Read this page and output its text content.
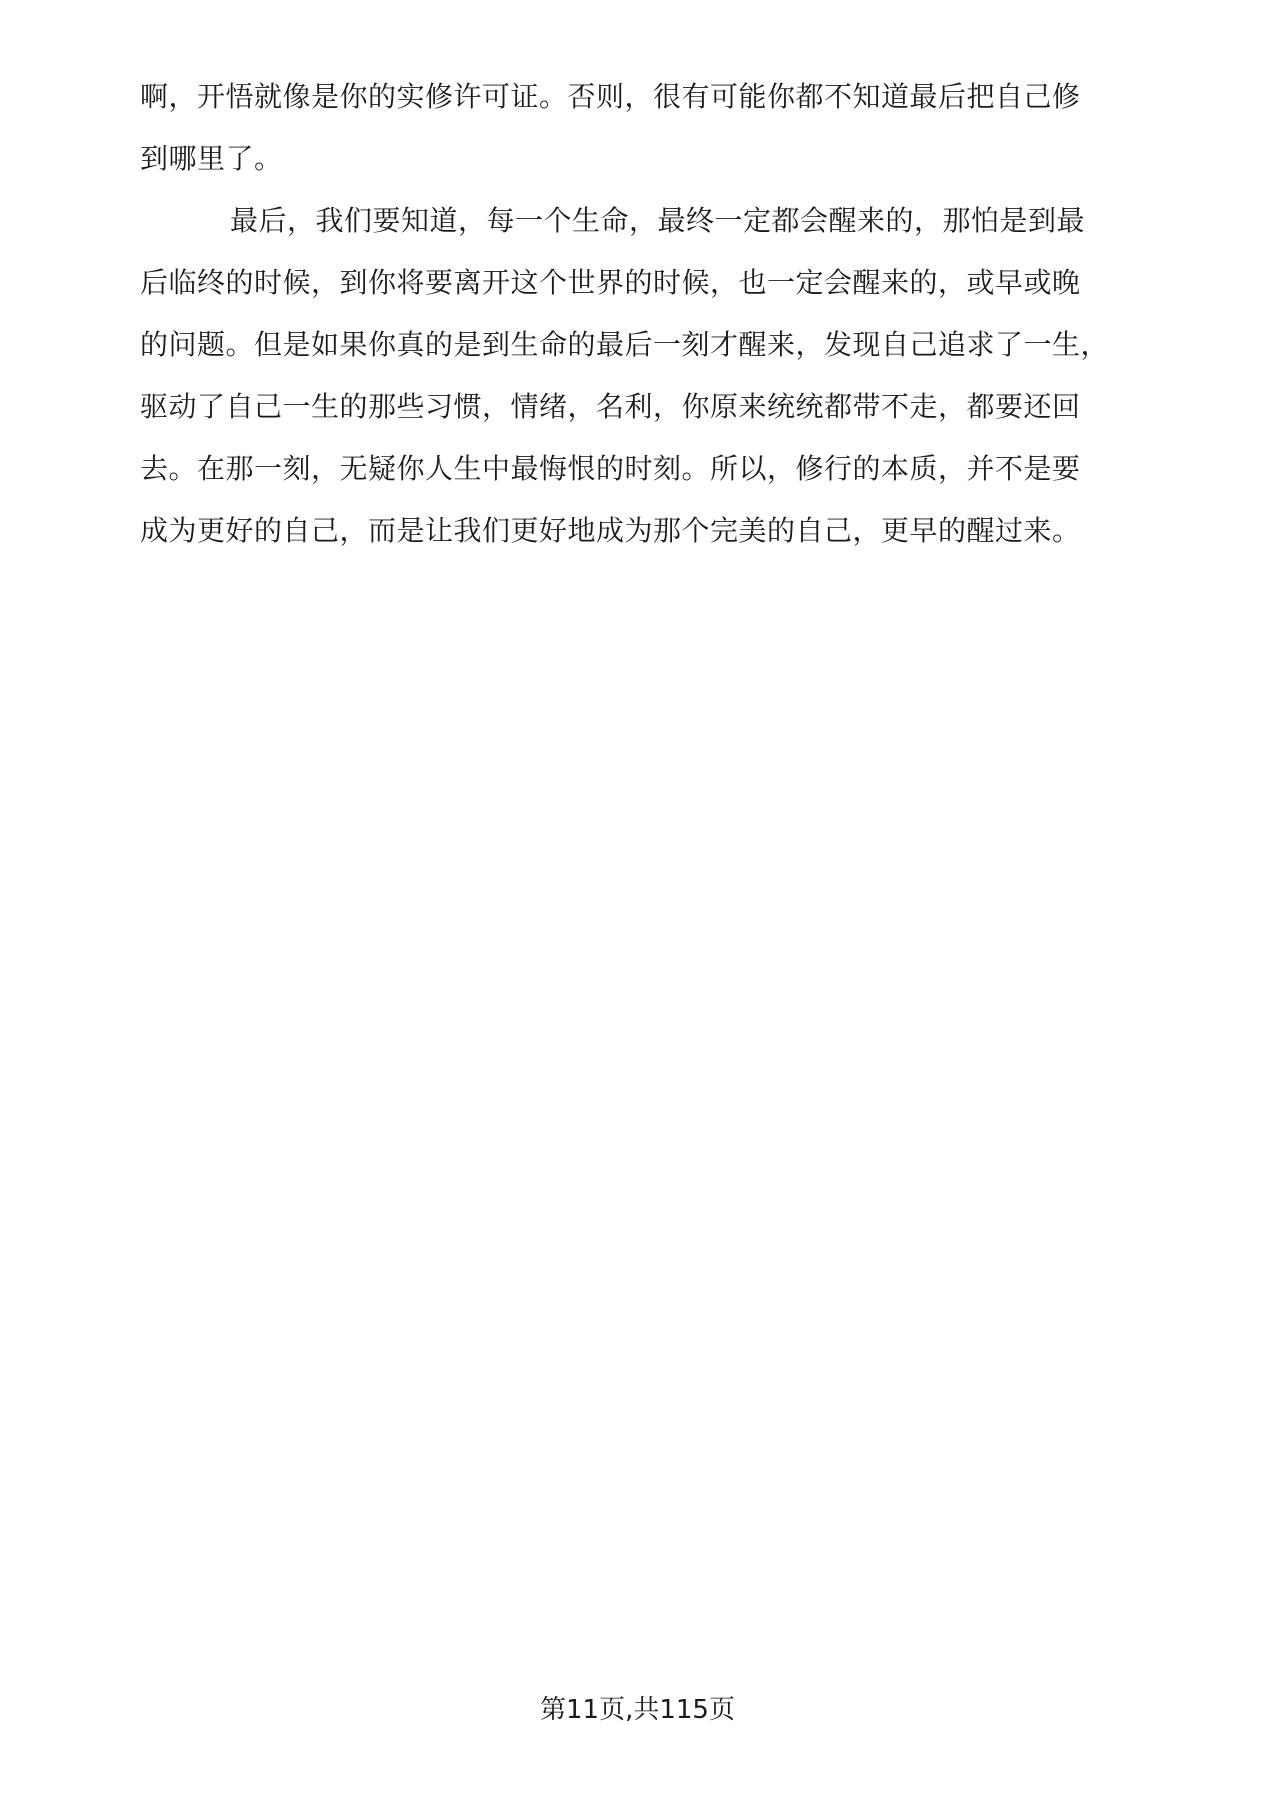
啊，开悟就像是你的实修许可证。否则，很有可能你都不知道最后把自己修
到哪里了。
最后，我们要知道，每一个生命，最终一定都会醒来的，那怕是到最
后临终的时候，到你将要离开这个世界的时候，也一定会醒来的，或早或晚
的问题。但是如果你真的是到生命的最后一刻才醒来，发现自己追求了一生，
驱动了自己一生的那些习惯，情绪，名利，你原来统统都带不走，都要还回
去。在那一刻，无疑你人生中最悔恨的时刻。所以，修行的本质，并不是要
成为更好的自己，而是让我们更好地成为那个完美的自己，更早的醒过来。
第11页,共115页
